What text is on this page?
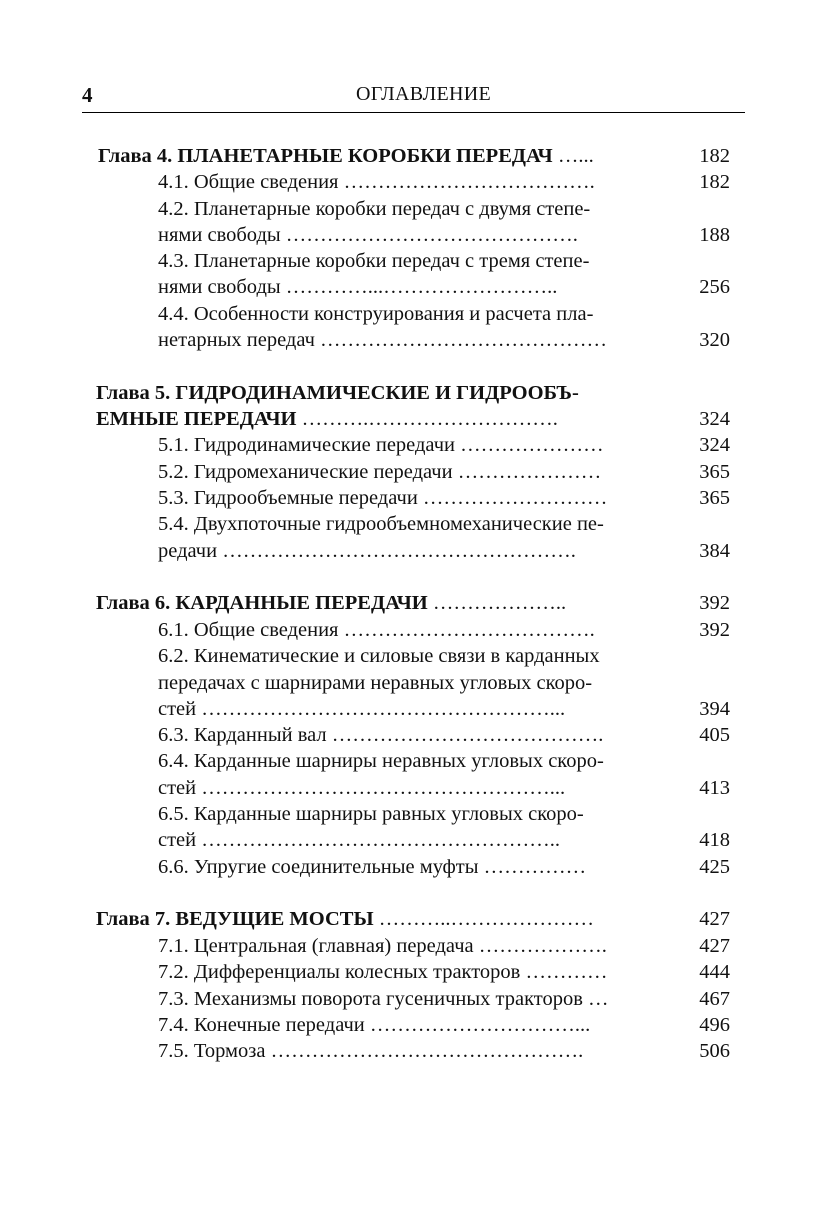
4	ОГЛАВЛЕНИЕ
Глава 4. ПЛАНЕТАРНЫЕ КОРОБКИ ПЕРЕДАЧ …...	182
4.1. Общие сведения ……………………………….	182
4.2. Планетарные коробки передач с двумя степе-
нями свободы …………………………………….	188
4.3. Планетарные коробки передач с тремя степе-
нями свободы …………...……………………..	256
4.4. Особенности конструирования и расчета пла-
нетарных передач ……………………………………	320
Глава 5. ГИДРОДИНАМИЧЕСКИЕ И ГИДРООБЪ-
ЕМНЫЕ ПЕРЕДАЧИ ……….……………………….	324
5.1. Гидродинамические передачи …………………	324
5.2. Гидромеханические передачи …………………	365
5.3. Гидрообъемные передачи ………………………	365
5.4. Двухпоточные гидрообъемномеханические пе-
редачи …………………………………………….	384
Глава 6. КАРДАННЫЕ ПЕРЕДАЧИ ………………..	392
6.1. Общие сведения ……………………………….	392
6.2. Кинематические и силовые связи в карданных
передачах с шарнирами неравных угловых скоро-
стей ……………………………………………...	394
6.3. Карданный вал ………………………………….	405
6.4. Карданные шарниры неравных угловых скоро-
стей ……………………………………………...	413
6.5. Карданные шарниры равных угловых скоро-
стей ……………………………………………..	418
6.6. Упругие соединительные муфты ……………	425
Глава 7. ВЕДУЩИЕ МОСТЫ ………..…………………	427
7.1. Центральная (главная) передача ……………….	427
7.2. Дифференциалы колесных тракторов …………	444
7.3. Механизмы поворота гусеничных тракторов …	467
7.4. Конечные передачи …………………………...	496
7.5. Тормоза ……………………………………….	506
